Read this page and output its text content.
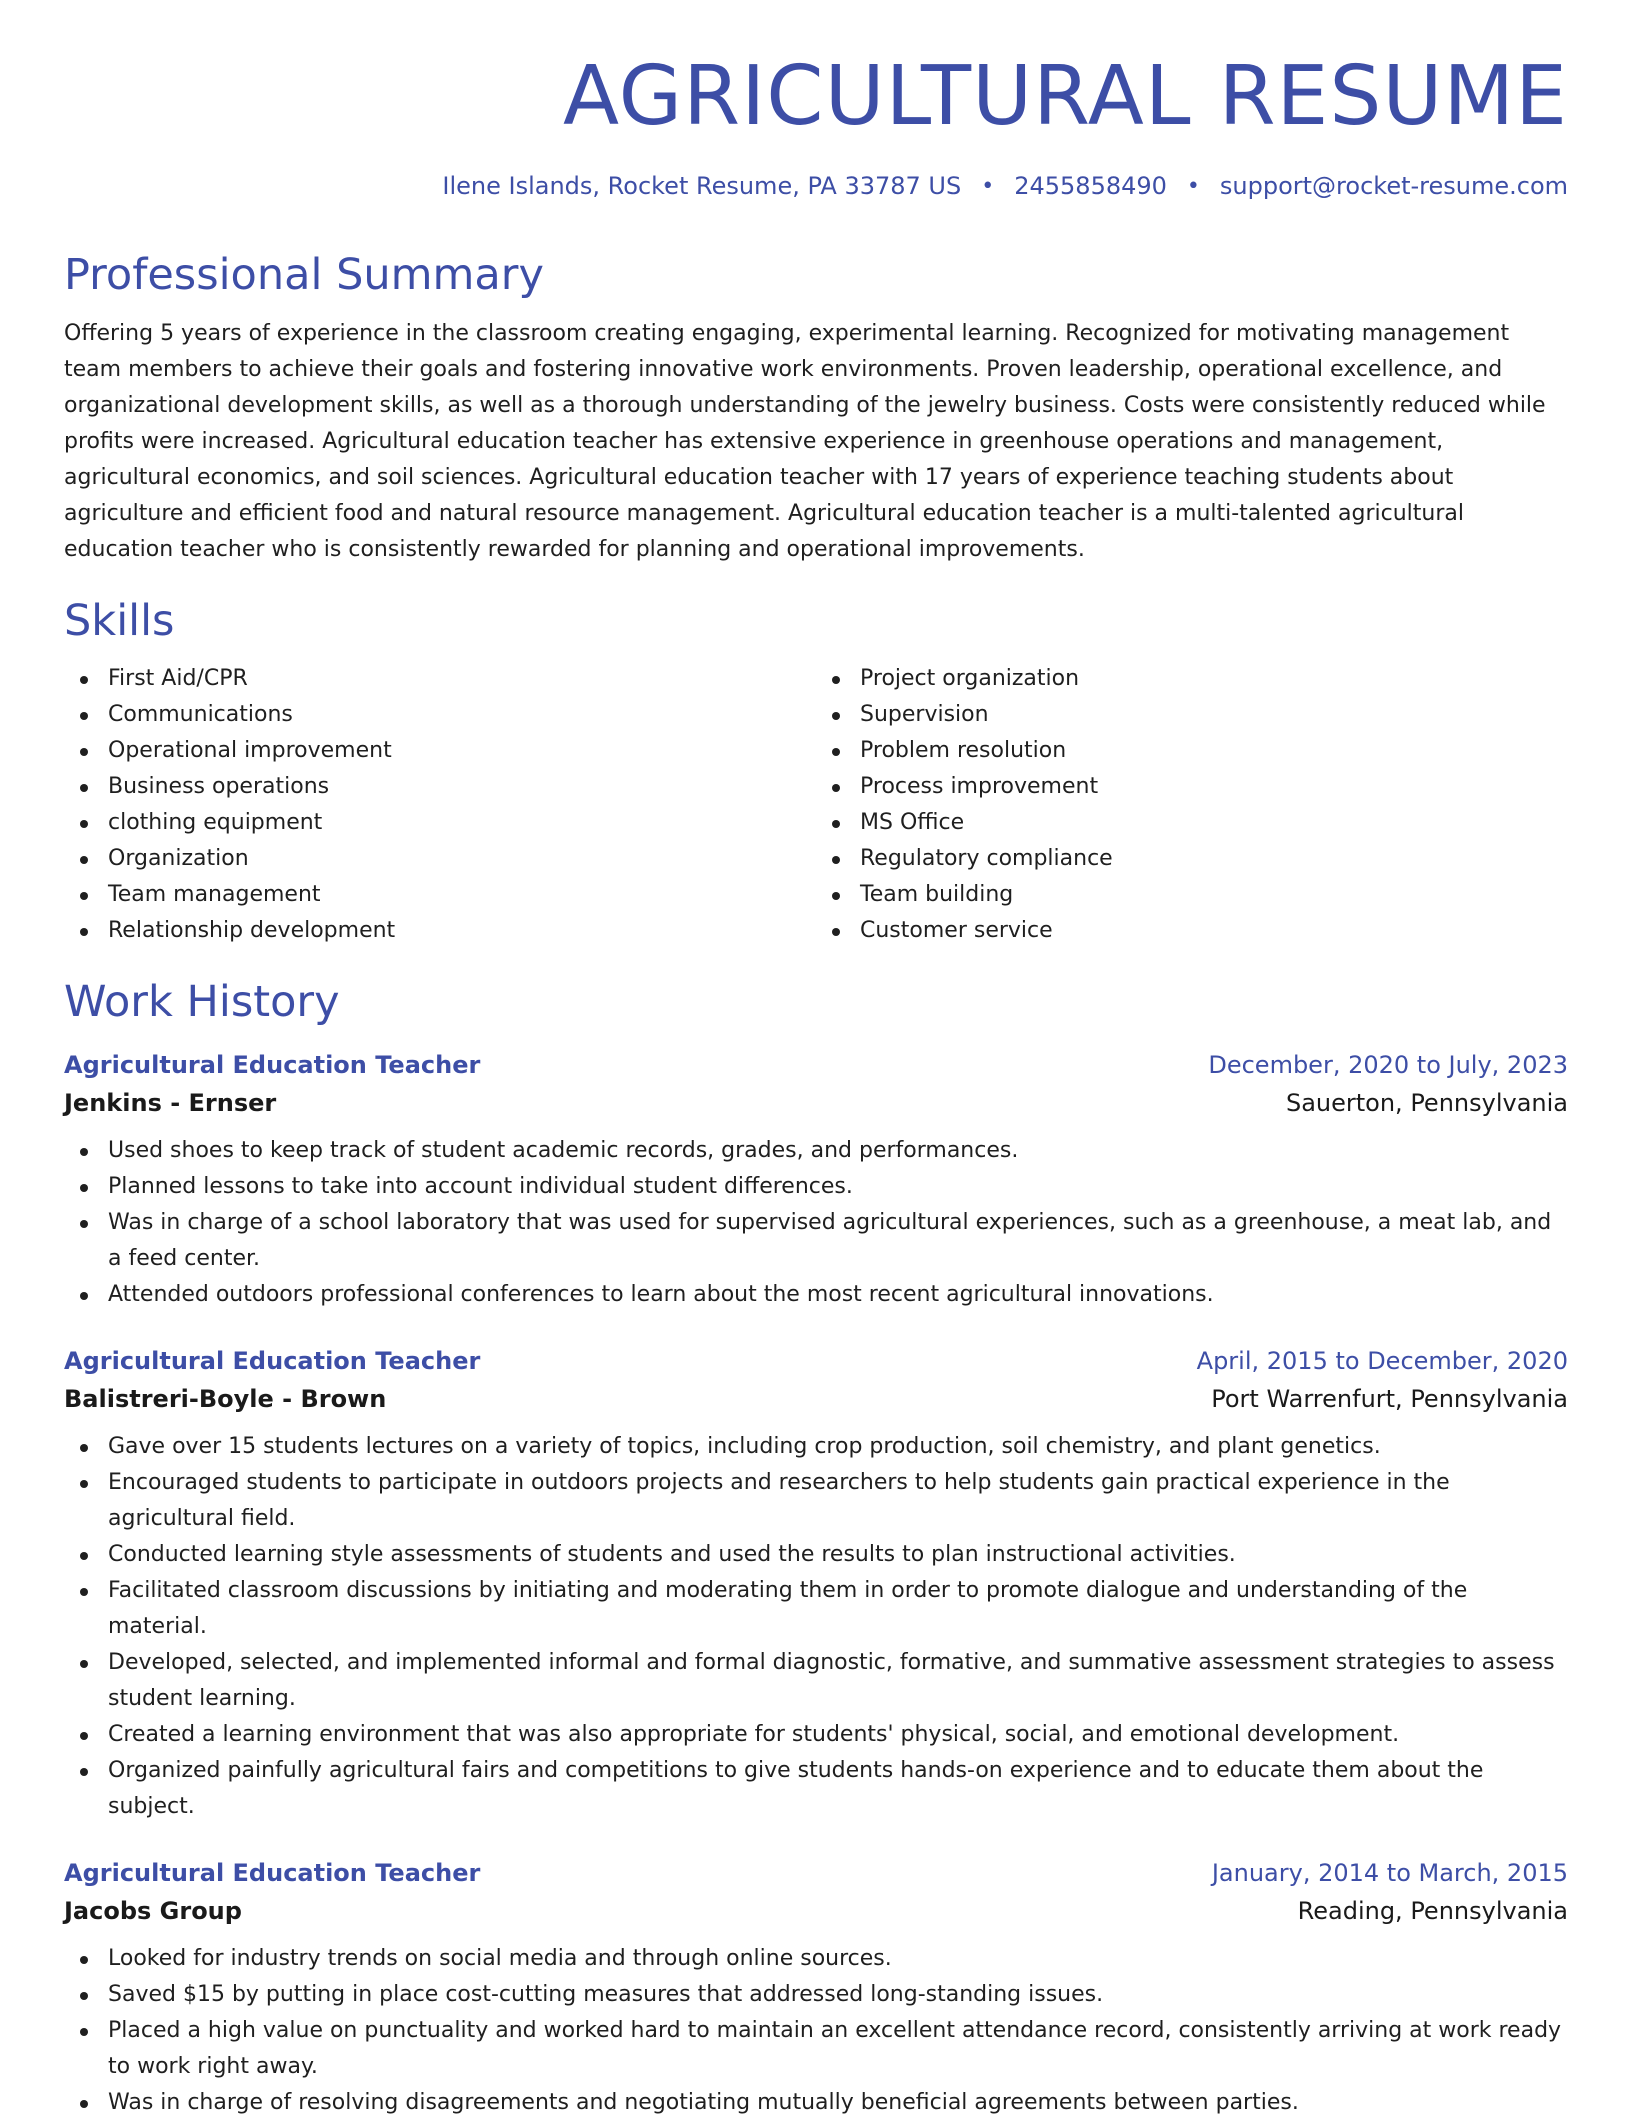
AGRICULTURAL RESUME
Ilene Islands, Rocket Resume, PA 33787 US • 2455858490 • support@rocket-resume.com
Professional Summary

Offering 5 years of experience in the classroom creating engaging, experimental learning. Recognized for motivating management team members to achieve their goals and fostering innovative work environments. Proven leadership, operational excellence, and organizational development skills, as well as a thorough understanding of the jewelry business. Costs were consistently reduced while profits were increased. Agricultural education teacher has extensive experience in greenhouse operations and management, agricultural economics, and soil sciences. Agricultural education teacher with 17 years of experience teaching students about agriculture and efficient food and natural resource management. Agricultural education teacher is a multi-talented agricultural education teacher who is consistently rewarded for planning and operational improvements.

Skills
First Aid/CPR
Communications
Operational improvement
Business operations
clothing equipment
Organization
Team management
Relationship development
Project organization
Supervision
Problem resolution
Process improvement
MS Office
Regulatory compliance
Team building
Customer service
Work History
Agricultural Education Teacher	December, 2020 to July, 2023
Jenkins - Ernser	Sauerton, Pennsylvania
Used shoes to keep track of student academic records, grades, and performances.
Planned lessons to take into account individual student differences.
Was in charge of a school laboratory that was used for supervised agricultural experiences, such as a greenhouse, a meat lab, and a feed center.
Attended outdoors professional conferences to learn about the most recent agricultural innovations.
Agricultural Education Teacher	April, 2015 to December, 2020
Balistreri-Boyle - Brown	Port Warrenfurt, Pennsylvania
Gave over 15 students lectures on a variety of topics, including crop production, soil chemistry, and plant genetics.
Encouraged students to participate in outdoors projects and researchers to help students gain practical experience in the agricultural field.
Conducted learning style assessments of students and used the results to plan instructional activities.
Facilitated classroom discussions by initiating and moderating them in order to promote dialogue and understanding of the material.
Developed, selected, and implemented informal and formal diagnostic, formative, and summative assessment strategies to assess student learning.
Created a learning environment that was also appropriate for students' physical, social, and emotional development.
Organized painfully agricultural fairs and competitions to give students hands-on experience and to educate them about the subject.
Agricultural Education Teacher	January, 2014 to March, 2015
Jacobs Group	Reading, Pennsylvania
Looked for industry trends on social media and through online sources.
Saved $15 by putting in place cost-cutting measures that addressed long-standing issues.
Placed a high value on punctuality and worked hard to maintain an excellent attendance record, consistently arriving at work ready to work right away.
Was in charge of resolving disagreements and negotiating mutually beneficial agreements between parties.
